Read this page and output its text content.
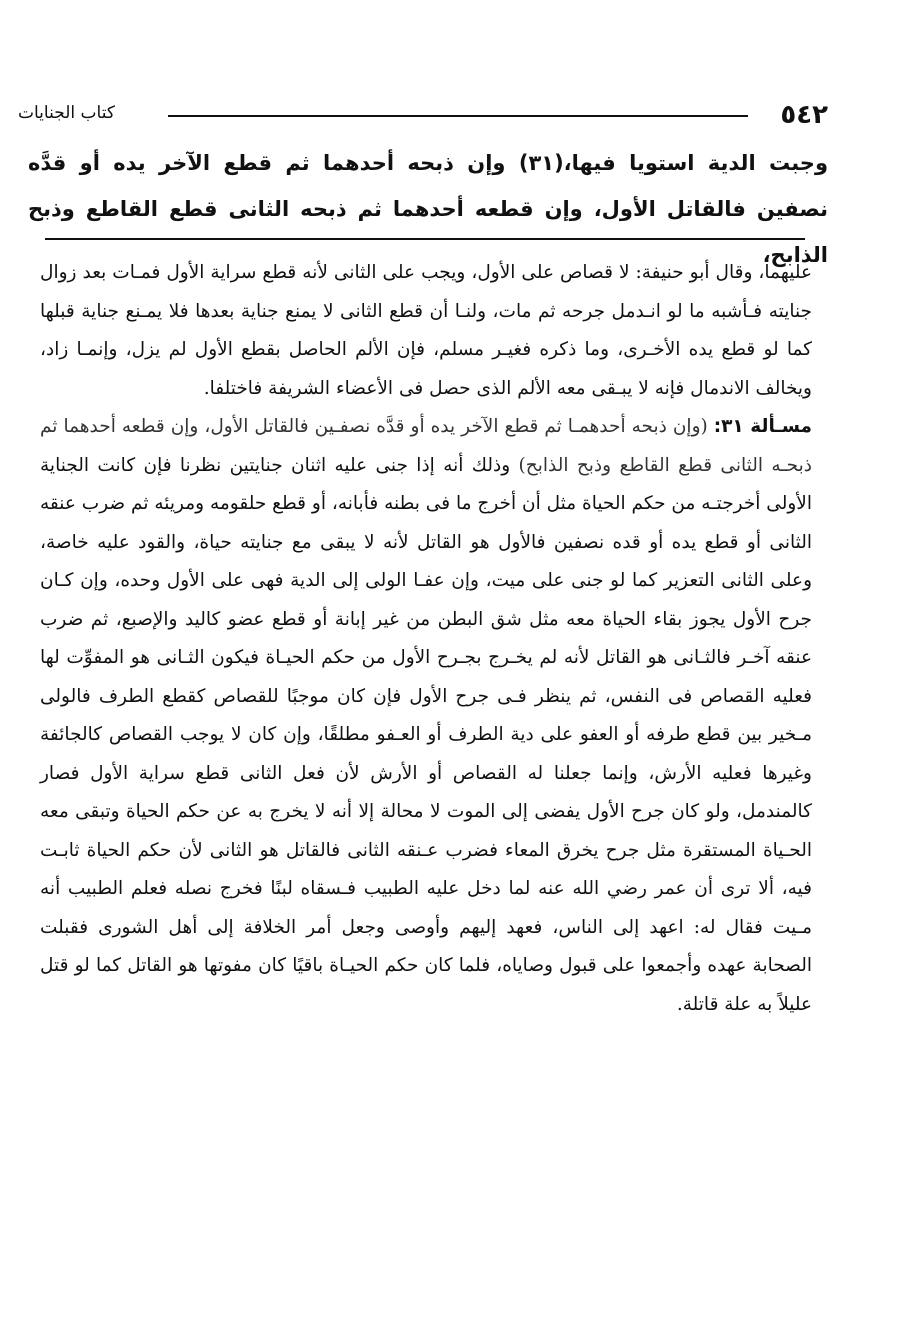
كتاب الجنايات	٥٤٢
وجبت الدية استويا فيها،(٣١) وإن ذبحه أحدهما ثم قطع الآخر يده أو قدَّه نصفين فالقاتل الأول، وإن قطعه أحدهما ثم ذبحه الثانى قطع القاطع وذبح الذابح،

عليهما، وقال أبو حنيفة: لا قصاص على الأول، ويجب على الثانى لأنه قطع سراية الأول فمـات بعد زوال جنايته فـأشبه ما لو انـدمل جرحه ثم مات، ولنـا أن قطع الثانى لا يمنع جناية بعدها فلا يمـنع جناية قبلها كما لو قطع يده الأخـرى، وما ذكره فغيـر مسلم، فإن الألم الحاصل بقطع الأول لم يزل، وإنمـا زاد، ويخالف الاندمال فإنه لا يبـقى معه الألم الذى حصل فى الأعضاء الشريفة فاختلفا.

مسـألة ٣١: (وإن ذبحه أحدهمـا ثم قطع الآخر يده أو قدَّه نصفـين فالقاتل الأول، وإن قطعه أحدهما ثم ذبحـه الثانى قطع القاطع وذبح الذابح) وذلك أنه إذا جنى عليه اثنان جنايتين نظرنا فإن كانت الجناية الأولى أخرجتـه من حكم الحياة مثل أن أخرج ما فى بطنه فأبانه، أو قطع حلقومه ومريئه ثم ضرب عنقه الثانى أو قطع يده أو قده نصفين فالأول هو القاتل لأنه لا يبقى مع جنايته حياة، والقود عليه خاصة، وعلى الثانى التعزير كما لو جنى على ميت، وإن عفـا الولى إلى الدية فهى على الأول وحده، وإن كـان جرح الأول يجوز بقاء الحياة معه مثل شق البطن من غير إبانة أو قطع عضو كاليد والإصبع، ثم ضرب عنقه آخـر فالثـانى هو القاتل لأنه لم يخـرج بجـرح الأول من حكم الحيـاة فيكون الثـانى هو المفوِّت لها فعليه القصاص فى النفس، ثم ينظر فـى جرح الأول فإن كان موجبًا للقصاص كقطع الطرف فالولى مـخير بين قطع طرفه أو العفو على دية الطرف أو العـفو مطلقًا، وإن كان لا يوجب القصاص كالجائفة وغيرها فعليه الأرش، وإنما جعلنا له القصاص أو الأرش لأن فعل الثانى قطع سراية الأول فصار كالمندمل، ولو كان جرح الأول يفضى إلى الموت لا محالة إلا أنه لا يخرج به عن حكم الحياة وتبقى معه الحـياة المستقرة مثل جرح يخرق المعاء فضرب عـنقه الثانى فالقاتل هو الثانى لأن حكم الحياة ثابـت فيه، ألا ترى أن عمر رضي الله عنه لما دخل عليه الطبيب فـسقاه لبنًا فخرج نصله فعلم الطبيب أنه مـيت فقال له: اعهد إلى الناس، فعهد إليهم وأوصى وجعل أمر الخلافة إلى أهل الشورى فقبلت الصحابة عهده وأجمعوا على قبول وصاياه، فلما كان حكم الحيـاة باقيًا كان مفوتها هو القاتل كما لو قتل عليلاً به علة قاتلة.
